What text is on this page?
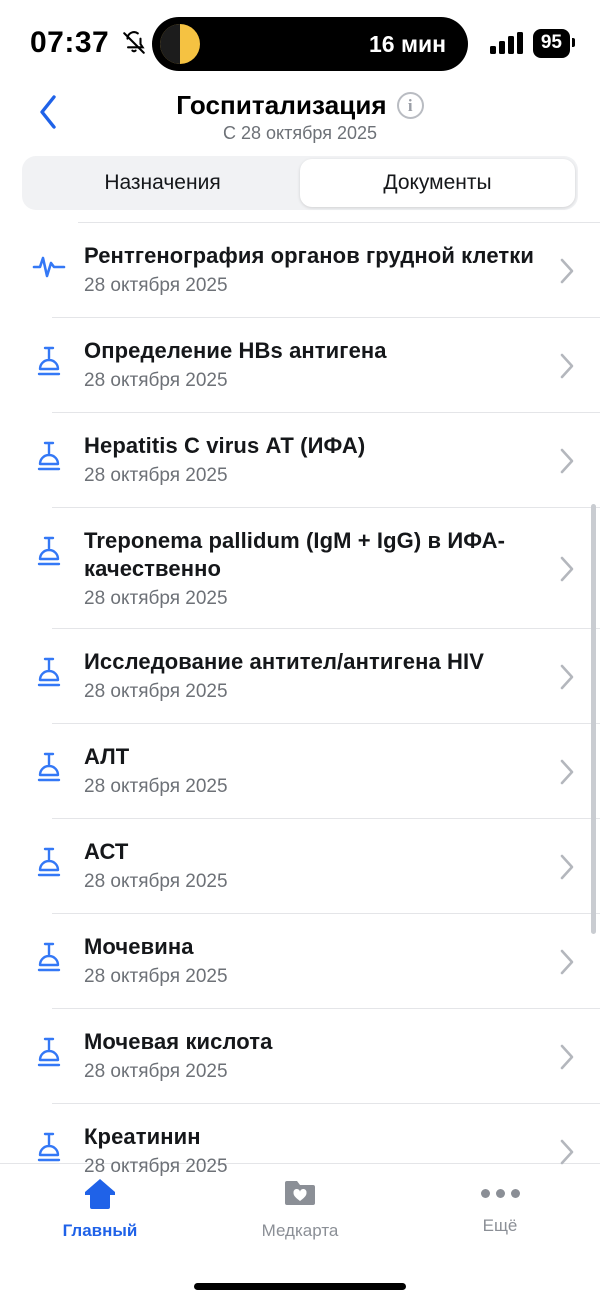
07:37	16 мин	95
Госпитализация	i
С 28 октября 2025
Назначения	Документы
Рентгенография органов грудной клетки
28 октября 2025
Определение HBs антигена
28 октября 2025
Hepatitis C virus АТ (ИФА)
28 октября 2025
Treponema pallidum (IgM + IgG) в ИФА-качественно
28 октября 2025
Исследование антител/антигена HIV
28 октября 2025
АЛТ
28 октября 2025
АСТ
28 октября 2025
Мочевина
28 октября 2025
Мочевая кислота
28 октября 2025
Креатинин
28 октября 2025
Главный	Медкарта	Ещё
